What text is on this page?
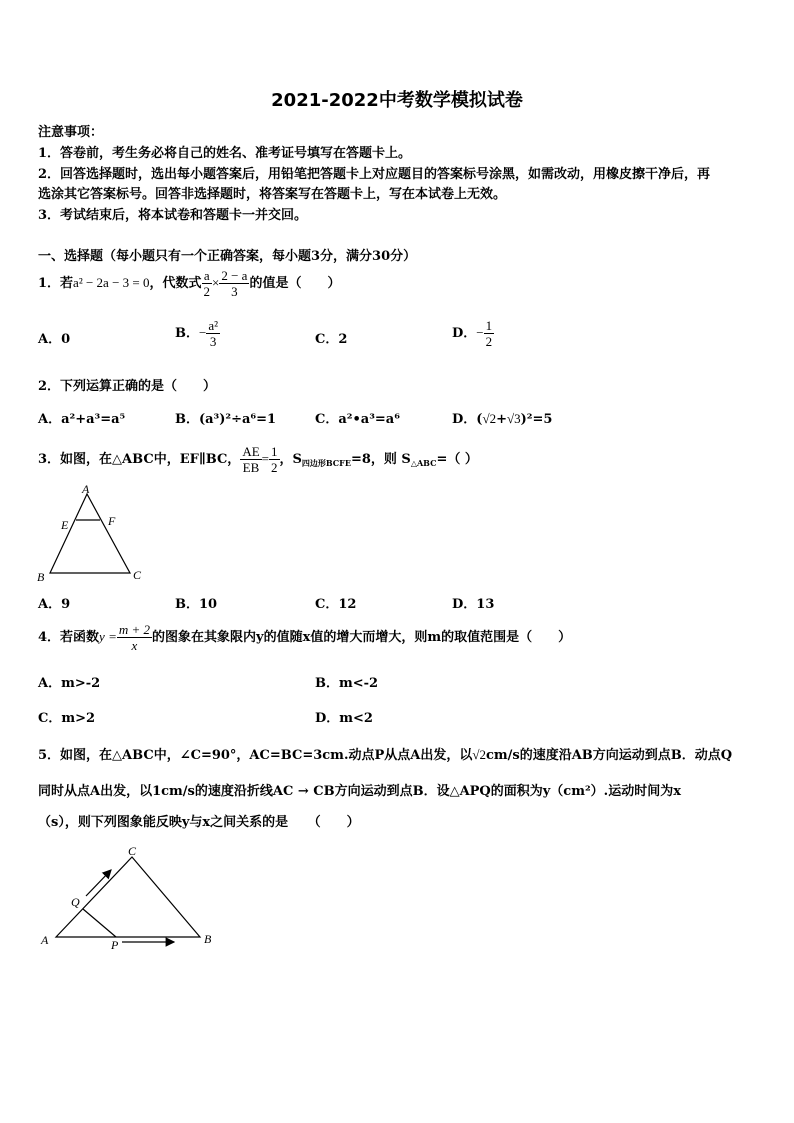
2021-2022中考数学模拟试卷
注意事项：
1．答卷前，考生务必将自己的姓名、准考证号填写在答题卡上。
2．回答选择题时，选出每小题答案后，用铅笔把答题卡上对应题目的答案标号涂黑，如需改动，用橡皮擦干净后，再
选涂其它答案标号。回答非选择题时，将答案写在答题卡上，写在本试卷上无效。
3．考试结束后，将本试卷和答题卡一并交回。
一、选择题（每小题只有一个正确答案，每小题3分，满分30分）
1．若a² − 2a − 3 = 0，代数式 $\frac{a}{2} \times \frac{2 - a}{3}$ 的值是（　　）
A．0	B．− $\frac{\text{a²}}{3}$	C．2	D．− $\frac{1}{2}$
2．下列运算正确的是（　　）
A．a²+a³=a⁵	B．(a³)²÷a⁶=1	C．a²•a³=a⁶	D．(√2+√3)²=5
3．如图，在△ABC中，EF∥BC， $\frac{AE}{EB} = \frac{1}{2}$ ，$S_{四边形BCFE}=8$，则 $S_{\triangle ABC}=$（ ）
A
E	F
B	C
A．9	B．10	C．12	D．13
4．若函数$y = \frac{m + 2}{x}$ 的图象在其象限内y的值随x值的增大而增大，则m的取值范围是（　　）
A．m>-2	B．m<-2
C．m>2	D．m<2
5．如图，在△ABC中，∠C=90°，AC=BC=3cm.动点P从点A出发，以√2cm/s的速度沿AB方向运动到点B．动点Q
同时从点A出发，以1cm/s的速度沿折线AC → CB方向运动到点B．设△APQ的面积为y（cm²）.运动时间为x
（s），则下列图象能反映y与x之间关系的是　　（　　）
C
Q
A	P	B
